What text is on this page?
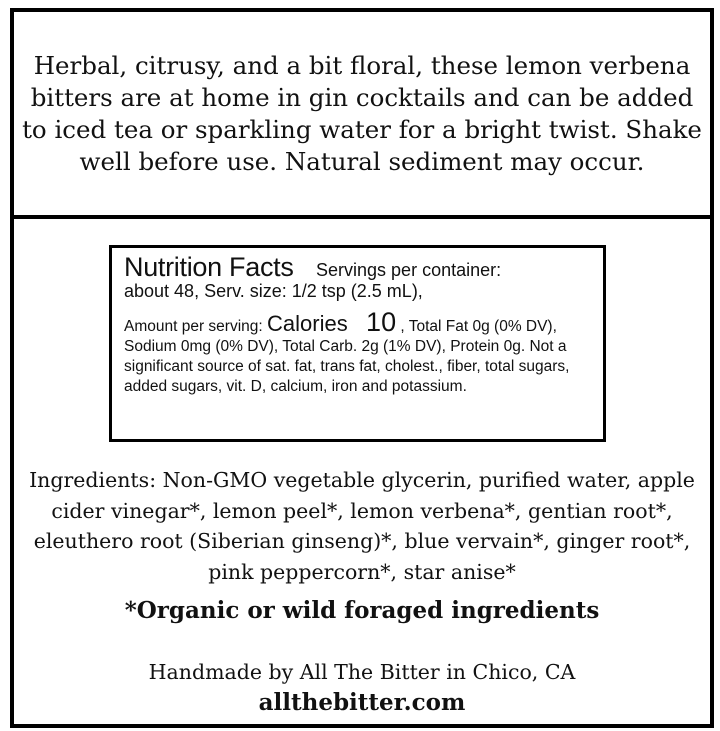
Herbal, citrusy, and a bit floral, these lemon verbena bitters are at home in gin cocktails and can be added to iced tea or sparkling water for a bright twist. Shake well before use. Natural sediment may occur.

Nutrition Facts Servings per container:
about 48, Serv. size: 1/2 tsp (2.5 mL),
Amount per serving: Calories 10 , Total Fat 0g (0% DV), Sodium 0mg (0% DV), Total Carb. 2g (1% DV), Protein 0g. Not a significant source of sat. fat, trans fat, cholest., fiber, total sugars, added sugars, vit. D, calcium, iron and potassium.

Ingredients: Non-GMO vegetable glycerin, purified water, apple cider vinegar*, lemon peel*, lemon verbena*, gentian root*, eleuthero root (Siberian ginseng)*, blue vervain*, ginger root*, pink peppercorn*, star anise*

*Organic or wild foraged ingredients
Handmade by All The Bitter in Chico, CA
allthebitter.com
